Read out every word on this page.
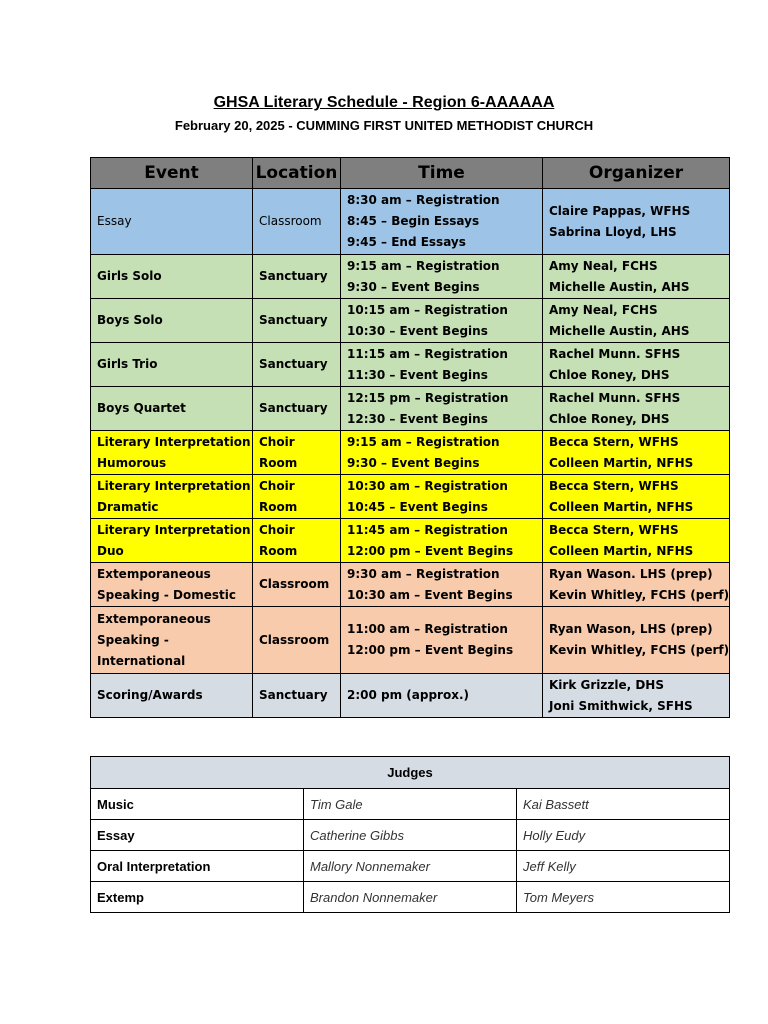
GHSA Literary Schedule - Region 6-AAAAAA
February 20, 2025 - CUMMING FIRST UNITED METHODIST CHURCH
Event	Location	Time	Organizer

Essay	Classroom	8:30 am – Registration
8:45 – Begin Essays
9:45 – End Essays	Claire Pappas, WFHS
Sabrina Lloyd, LHS

Girls Solo	Sanctuary	9:15 am – Registration
9:30 – Event Begins	Amy Neal, FCHS
Michelle Austin, AHS

Boys Solo	Sanctuary	10:15 am – Registration
10:30 – Event Begins	Amy Neal, FCHS
Michelle Austin, AHS

Girls Trio	Sanctuary	11:15 am – Registration
11:30 – Event Begins	Rachel Munn. SFHS
Chloe Roney, DHS

Boys Quartet	Sanctuary	12:15 pm – Registration
12:30 – Event Begins	Rachel Munn. SFHS
Chloe Roney, DHS

Literary Interpretation
Humorous	Choir Room	9:15 am – Registration
9:30 – Event Begins	Becca Stern, WFHS
Colleen Martin, NFHS

Literary Interpretation
Dramatic	Choir Room	10:30 am – Registration
10:45 – Event Begins	Becca Stern, WFHS
Colleen Martin, NFHS

Literary Interpretation
Duo	Choir Room	11:45 am – Registration
12:00 pm – Event Begins	Becca Stern, WFHS
Colleen Martin, NFHS

Extemporaneous
Speaking - Domestic	Classroom	9:30 am – Registration
10:30 am – Event Begins	Ryan Wason. LHS (prep)
Kevin Whitley, FCHS (perf)

Extemporaneous
Speaking -
International	Classroom	11:00 am – Registration
12:00 pm – Event Begins	Ryan Wason, LHS (prep)
Kevin Whitley, FCHS (perf)

Scoring/Awards	Sanctuary	2:00 pm (approx.)	Kirk Grizzle, DHS
Joni Smithwick, SFHS
Judges		
Music	Tim Gale	Kai Bassett
Essay	Catherine Gibbs	Holly Eudy
Oral Interpretation	Mallory Nonnemaker	Jeff Kelly
Extemp	Brandon Nonnemaker	Tom Meyers
